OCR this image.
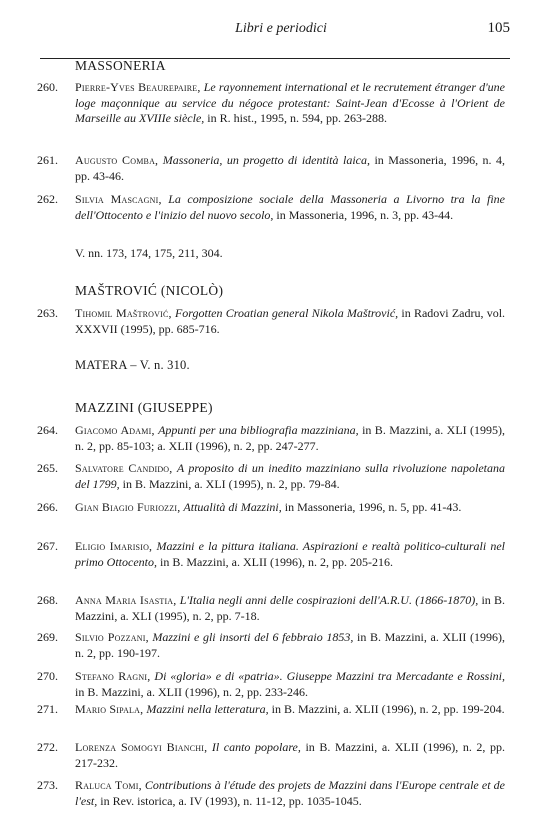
Libri e periodici	105
MASSONERIA
260.	Pierre-Yves Beaurepaire, Le rayonnement international et le recrutement étranger d'une loge maçonnique au service du négoce protestant: Saint-Jean d'Ecosse à l'Orient de Marseille au XVIIIe siècle, in R. hist., 1995, n. 594, pp. 263-288.
261.	Augusto Comba, Massoneria, un progetto di identità laica, in Massoneria, 1996, n. 4, pp. 43-46.
262.	Silvia Mascagni, La composizione sociale della Massoneria a Livorno tra la fine dell'Ottocento e l'inizio del nuovo secolo, in Massoneria, 1996, n. 3, pp. 43-44.
V. nn. 173, 174, 175, 211, 304.
MAŠTROVIĆ (NICOLÒ)
263.	Tihomil Maštrović, Forgotten Croatian general Nikola Maštrović, in Radovi Zadru, vol. XXXVII (1995), pp. 685-716.
MATERA – V. n. 310.
MAZZINI (GIUSEPPE)
264.	Giacomo Adami, Appunti per una bibliografia mazziniana, in B. Mazzini, a. XLI (1995), n. 2, pp. 85-103; a. XLII (1996), n. 2, pp. 247-277.
265.	Salvatore Candido, A proposito di un inedito mazziniano sulla rivoluzione napoletana del 1799, in B. Mazzini, a. XLI (1995), n. 2, pp. 79-84.
266.	Gian Biagio Furiozzi, Attualità di Mazzini, in Massoneria, 1996, n. 5, pp. 41-43.
267.	Eligio Imarisio, Mazzini e la pittura italiana. Aspirazioni e realtà politico-culturali nel primo Ottocento, in B. Mazzini, a. XLII (1996), n. 2, pp. 205-216.
268.	Anna Maria Isastia, L'Italia negli anni delle cospirazioni dell'A.R.U. (1866-1870), in B. Mazzini, a. XLI (1995), n. 2, pp. 7-18.
269.	Silvio Pozzani, Mazzini e gli insorti del 6 febbraio 1853, in B. Mazzini, a. XLII (1996), n. 2, pp. 190-197.
270.	Stefano Ragni, Di «gloria» e di «patria». Giuseppe Mazzini tra Mercadante e Rossini, in B. Mazzini, a. XLII (1996), n. 2, pp. 233-246.
271.	Mario Sipala, Mazzini nella letteratura, in B. Mazzini, a. XLII (1996), n. 2, pp. 199-204.
272.	Lorenza Somogyi Bianchi, Il canto popolare, in B. Mazzini, a. XLII (1996), n. 2, pp. 217-232.
273.	Raluca Tomi, Contributions à l'étude des projets de Mazzini dans l'Europe centrale et de l'est, in Rev. istorica, a. IV (1993), n. 11-12, pp. 1035-1045.
